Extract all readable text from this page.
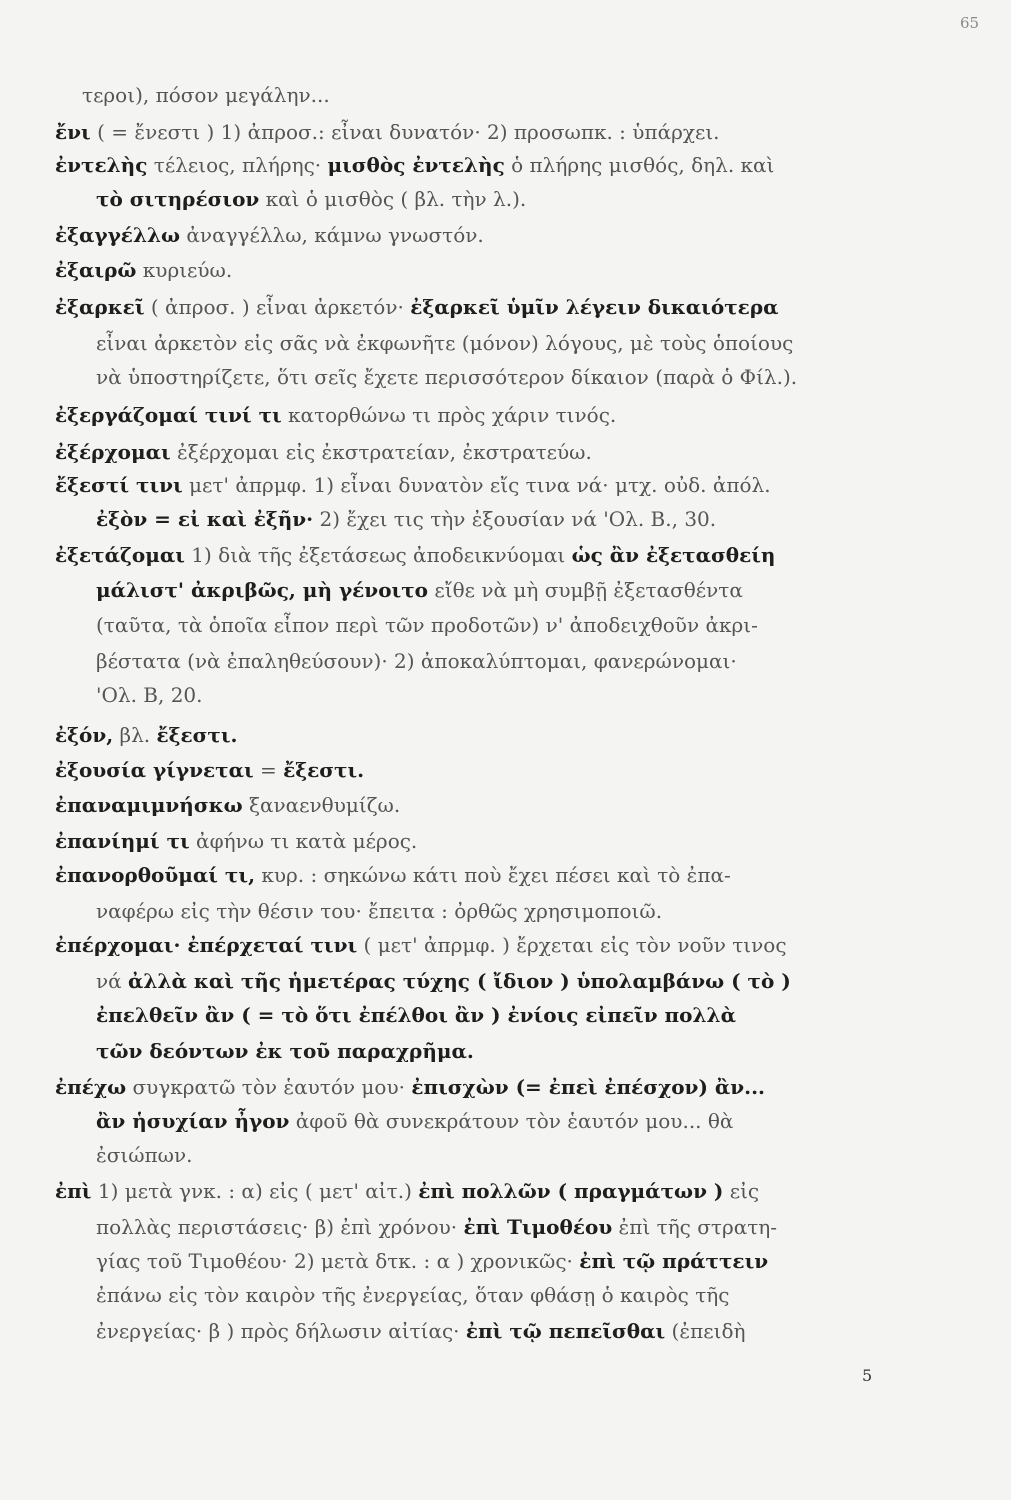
65
τεροι), πόσον μεγάλην...
ἔνι ( = ἔνεστι ) 1) ἀπροσ.: εἶναι δυνατόν· 2) προσωπκ. : ὑπάρχει.
ἐντελὴς τέλειος, πλήρης· μισθὸς ἐντελὴς ὁ πλήρης μισθός, δηλ. καὶ
τὸ σιτηρέσιον καὶ ὁ μισθὸς ( βλ. τὴν λ.).
ἐξαγγέλλω ἀναγγέλλω, κάμνω γνωστόν.
ἐξαιρῶ κυριεύω.
ἐξαρκεῖ ( ἀπροσ. ) εἶναι ἀρκετόν· ἐξαρκεῖ ὑμῖν λέγειν δικαιότερα
εἶναι ἀρκετὸν εἰς σᾶς νὰ ἐκφωνῆτε (μόνον) λόγους, μὲ τοὺς ὁποίους
νὰ ὑποστηρίζετε, ὅτι σεῖς ἔχετε περισσότερον δίκαιον (παρὰ ὁ Φίλ.).
ἐξεργάζομαί τινί τι κατορθώνω τι πρὸς χάριν τινός.
ἐξέρχομαι ἐξέρχομαι εἰς ἐκστρατείαν, ἐκστρατεύω.
ἔξεστί τινι μετ' ἀπρμφ. 1) εἶναι δυνατὸν εἴς τινα νά· μτχ. οὐδ. ἀπόλ.
ἐξὸν = εἰ καὶ ἐξῆν· 2) ἔχει τις τὴν ἐξουσίαν νά 'Ολ. Β., 30.
ἐξετάζομαι 1) διὰ τῆς ἐξετάσεως ἀποδεικνύομαι ὡς ἂν ἐξετασθείη
μάλιστ' ἀκριβῶς, μὴ γένοιτο εἴθε νὰ μὴ συμβῇ ἐξετασθέντα
(ταῦτα, τὰ ὁποῖα εἶπον περὶ τῶν προδοτῶν) ν' ἀποδειχθοῦν ἀκρι-
βέστατα (νὰ ἐπαληθεύσουν)· 2) ἀποκαλύπτομαι, φανερώνομαι·
'Ολ. Β, 20.
ἐξόν, βλ. ἔξεστι.
ἐξουσία γίγνεται = ἔξεστι.
ἐπαναμιμνήσκω ξαναενθυμίζω.
ἐπανίημί τι ἀφήνω τι κατὰ μέρος.
ἐπανορθοῦμαί τι, κυρ. : σηκώνω κάτι ποὺ ἔχει πέσει καὶ τὸ ἐπα-
ναφέρω εἰς τὴν θέσιν του· ἔπειτα : ὀρθῶς χρησιμοποιῶ.
ἐπέρχομαι· ἐπέρχεταί τινι ( μετ' ἀπρμφ. ) ἔρχεται εἰς τὸν νοῦν τινος
νά ἀλλὰ καὶ τῆς ἡμετέρας τύχης ( ἴδιον ) ὑπολαμβάνω ( τὸ )
ἐπελθεῖν ἂν ( = τὸ ὅτι ἐπέλθοι ἂν ) ἐνίοις εἰπεῖν πολλὰ
τῶν δεόντων ἐκ τοῦ παραχρῆμα.
ἐπέχω συγκρατῶ τὸν ἑαυτόν μου· ἐπισχὼν (= ἐπεὶ ἐπέσχον) ἂν...
ἂν ἡσυχίαν ἦγον ἀφοῦ θὰ συνεκράτουν τὸν ἑαυτόν μου... θὰ
ἐσιώπων.
ἐπὶ 1) μετὰ γνκ. : α) εἰς ( μετ' αἰτ.) ἐπὶ πολλῶν ( πραγμάτων ) εἰς
πολλὰς περιστάσεις· β) ἐπὶ χρόνου· ἐπὶ Τιμοθέου ἐπὶ τῆς στρατη-
γίας τοῦ Τιμοθέου· 2) μετὰ δτκ. : α ) χρονικῶς· ἐπὶ τῷ πράττειν
ἐπάνω εἰς τὸν καιρὸν τῆς ἐνεργείας, ὅταν φθάσῃ ὁ καιρὸς τῆς
ἐνεργείας· β ) πρὸς δήλωσιν αἰτίας· ἐπὶ τῷ πεπεῖσθαι (ἐπειδὴ
5
